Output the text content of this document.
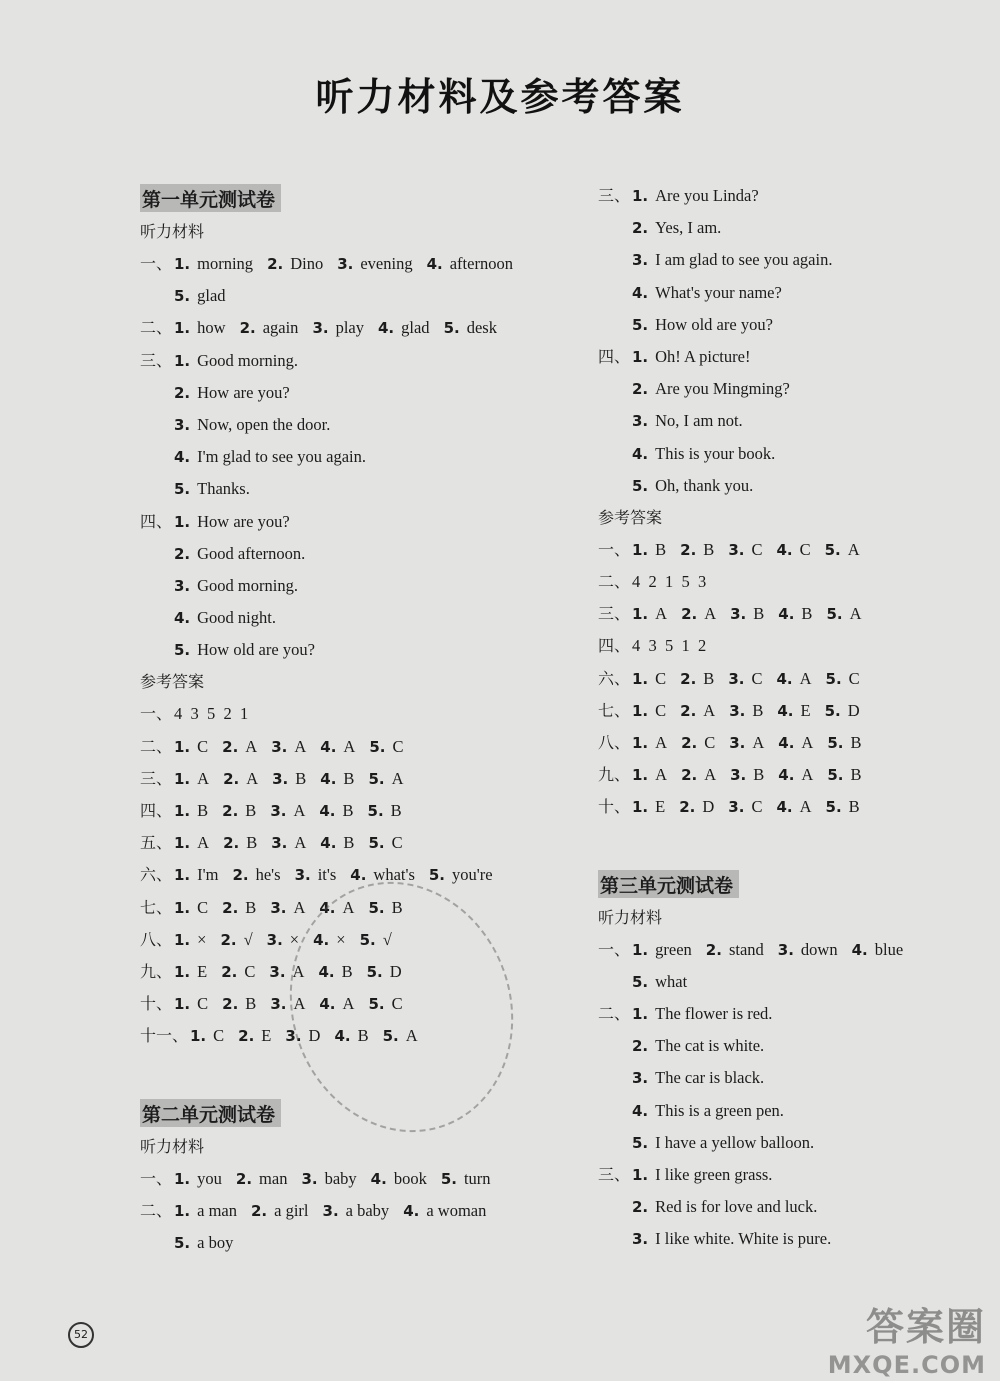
听力材料及参考答案
第一单元测试卷
听力材料
一、 1. morning 2. Dino 3. evening 4. afternoon
5. glad
二、 1. how 2. again 3. play 4. glad 5. desk
三、 1. Good morning.
2. How are you?
3. Now, open the door.
4. I'm glad to see you again.
5. Thanks.
四、 1. How are you?
2. Good afternoon.
3. Good morning.
4. Good night.
5. How old are you?
参考答案
一、 4  3  5  2  1
二、 1. C 2. A 3. A 4. A 5. C
三、 1. A 2. A 3. B 4. B 5. A
四、 1. B 2. B 3. A 4. B 5. B
五、 1. A 2. B 3. A 4. B 5. C
六、 1. I'm 2. he's 3. it's 4. what's 5. you're
七、 1. C 2. B 3. A 4. A 5. B
八、 1. × 2. √ 3. × 4. × 5. √
九、 1. E 2. C 3. A 4. B 5. D
十、 1. C 2. B 3. A 4. A 5. C
十一、 1. C 2. E 3. D 4. B 5. A
第二单元测试卷
听力材料
一、 1. you 2. man 3. baby 4. book 5. turn
二、 1. a man 2. a girl 3. a baby 4. a woman
5. a boy
三、 1. Are you Linda?
2. Yes, I am.
3. I am glad to see you again.
4. What's your name?
5. How old are you?
四、 1. Oh! A picture!
2. Are you Mingming?
3. No, I am not.
4. This is your book.
5. Oh, thank you.
参考答案
一、 1. B 2. B 3. C 4. C 5. A
二、 4  2  1  5  3
三、 1. A 2. A 3. B 4. B 5. A
四、 4  3  5  1  2
六、 1. C 2. B 3. C 4. A 5. C
七、 1. C 2. A 3. B 4. E 5. D
八、 1. A 2. C 3. A 4. A 5. B
九、 1. A 2. A 3. B 4. A 5. B
十、 1. E 2. D 3. C 4. A 5. B
第三单元测试卷
听力材料
一、 1. green 2. stand 3. down 4. blue
5. what
二、 1. The flower is red.
2. The cat is white.
3. The car is black.
4. This is a green pen.
5. I have a yellow balloon.
三、 1. I like green grass.
2. Red is for love and luck.
3. I like white. White is pure.
52	答案圈
MXQE.COM
